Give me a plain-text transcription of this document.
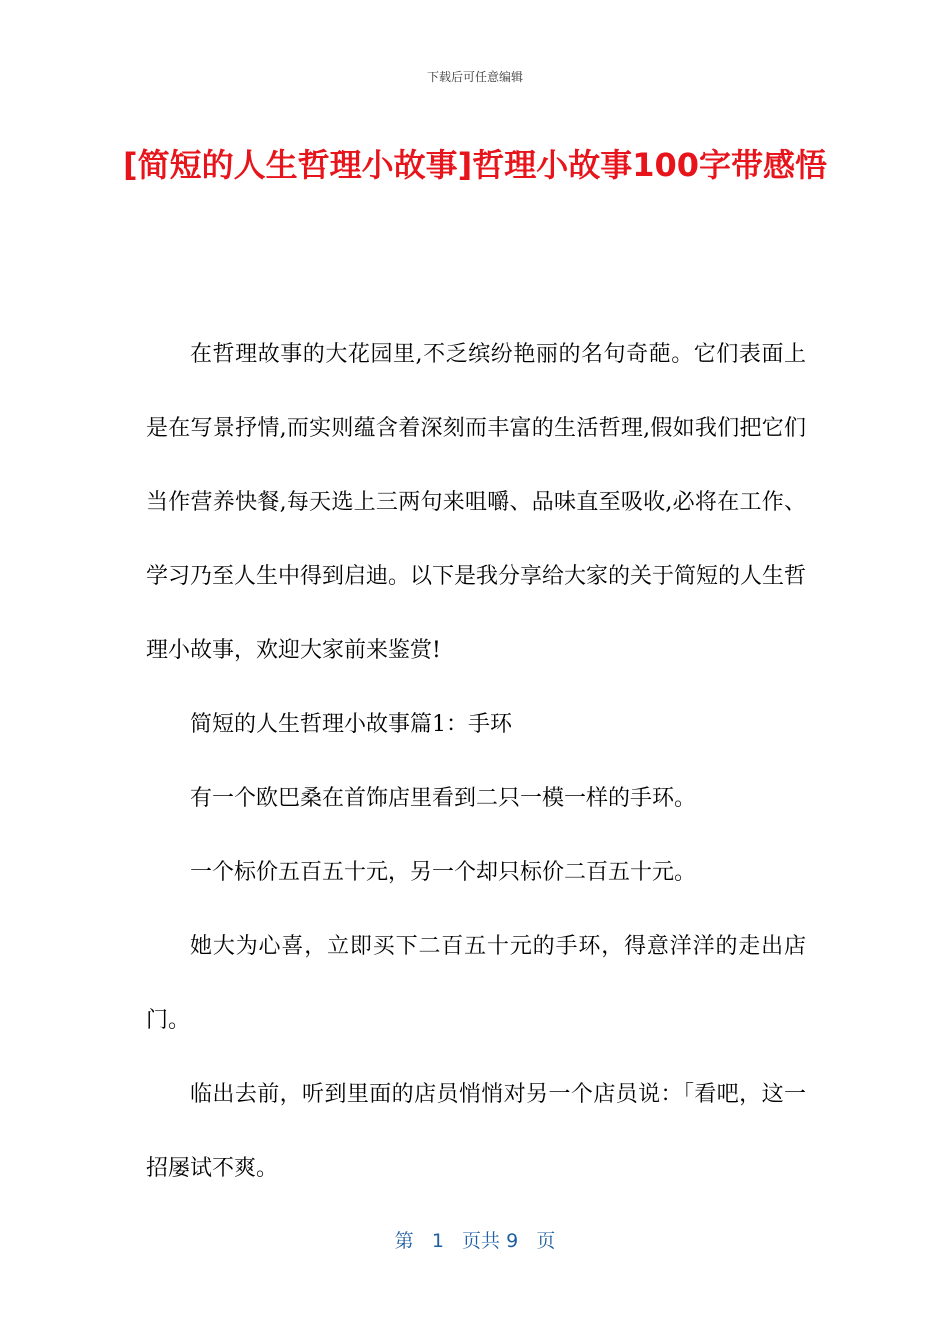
下载后可任意编辑
[简短的人生哲理小故事]哲理小故事100字带感悟

在哲理故事的大花园里,不乏缤纷艳丽的名句奇葩。它们表面上是在写景抒情,而实则蕴含着深刻而丰富的生活哲理,假如我们把它们当作营养快餐,每天选上三两句来咀嚼、品味直至吸收,必将在工作、学习乃至人生中得到启迪。以下是我分享给大家的关于简短的人生哲理小故事，欢迎大家前来鉴赏!

简短的人生哲理小故事篇1：手环

有一个欧巴桑在首饰店里看到二只一模一样的手环。

一个标价五百五十元，另一个却只标价二百五十元。

她大为心喜，立即买下二百五十元的手环，得意洋洋的走出店门。

临出去前，听到里面的店员悄悄对另一个店员说：「看吧，这一招屡试不爽。

第 1 页共 9 页
